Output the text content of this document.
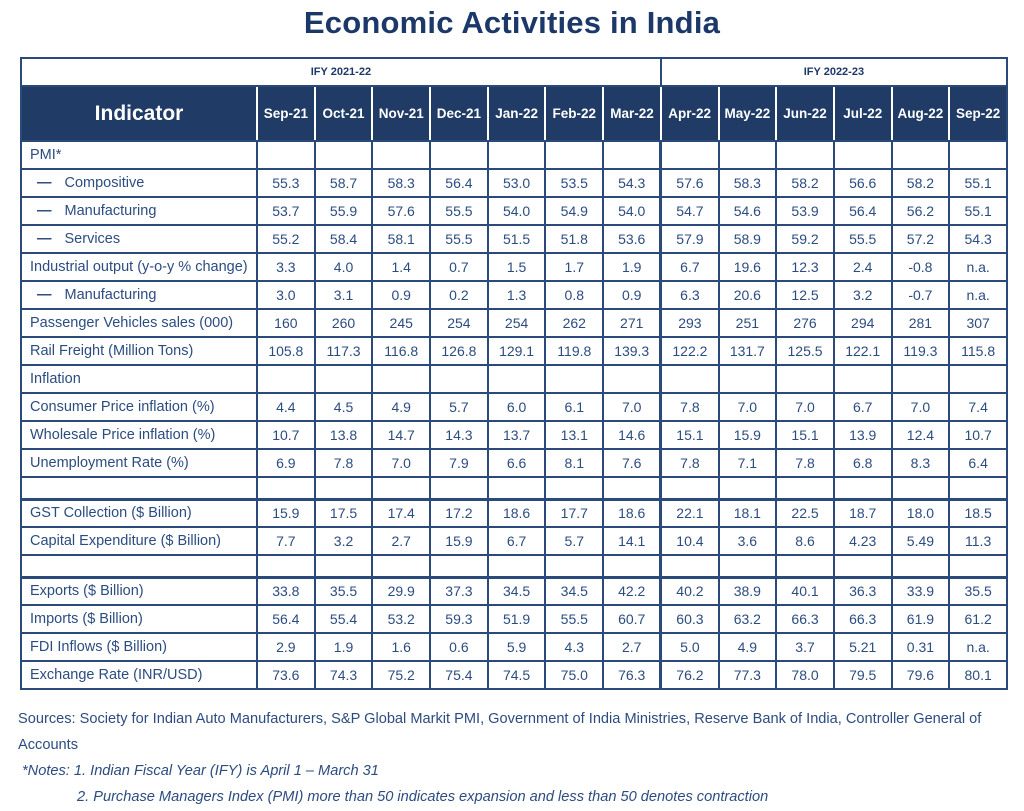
Economic Activities in India
IFY 2021-22								IFY 2022-23					
Indicator	Sep-21	Oct-21	Nov-21	Dec-21	Jan-22	Feb-22	Mar-22	Apr-22	May-22	Jun-22	Jul-22	Aug-22	Sep-22
PMI*													
— Compositive	55.3	58.7	58.3	56.4	53.0	53.5	54.3	57.6	58.3	58.2	56.6	58.2	55.1
— Manufacturing	53.7	55.9	57.6	55.5	54.0	54.9	54.0	54.7	54.6	53.9	56.4	56.2	55.1
— Services	55.2	58.4	58.1	55.5	51.5	51.8	53.6	57.9	58.9	59.2	55.5	57.2	54.3
Industrial output (y-o-y % change)	3.3	4.0	1.4	0.7	1.5	1.7	1.9	6.7	19.6	12.3	2.4	-0.8	n.a.
— Manufacturing	3.0	3.1	0.9	0.2	1.3	0.8	0.9	6.3	20.6	12.5	3.2	-0.7	n.a.
Passenger Vehicles sales (000)	160	260	245	254	254	262	271	293	251	276	294	281	307
Rail Freight (Million Tons)	105.8	117.3	116.8	126.8	129.1	119.8	139.3	122.2	131.7	125.5	122.1	119.3	115.8
Inflation													
Consumer Price inflation (%)	4.4	4.5	4.9	5.7	6.0	6.1	7.0	7.8	7.0	7.0	6.7	7.0	7.4
Wholesale Price inflation (%)	10.7	13.8	14.7	14.3	13.7	13.1	14.6	15.1	15.9	15.1	13.9	12.4	10.7
Unemployment Rate (%)	6.9	7.8	7.0	7.9	6.6	8.1	7.6	7.8	7.1	7.8	6.8	8.3	6.4

GST Collection ($ Billion)	15.9	17.5	17.4	17.2	18.6	17.7	18.6	22.1	18.1	22.5	18.7	18.0	18.5
Capital Expenditure ($ Billion)	7.7	3.2	2.7	15.9	6.7	5.7	14.1	10.4	3.6	8.6	4.23	5.49	11.3

Exports ($ Billion)	33.8	35.5	29.9	37.3	34.5	34.5	42.2	40.2	38.9	40.1	36.3	33.9	35.5
Imports ($ Billion)	56.4	55.4	53.2	59.3	51.9	55.5	60.7	60.3	63.2	66.3	66.3	61.9	61.2
FDI Inflows ($ Billion)	2.9	1.9	1.6	0.6	5.9	4.3	2.7	5.0	4.9	3.7	5.21	0.31	n.a.
Exchange Rate (INR/USD)	73.6	74.3	75.2	75.4	74.5	75.0	76.3	76.2	77.3	78.0	79.5	79.6	80.1

Sources: Society for Indian Auto Manufacturers, S&P Global Markit PMI, Government of India Ministries, Reserve Bank of India, Controller General of Accounts

*Notes: 1. Indian Fiscal Year (IFY) is April 1 – March 31

2. Purchase Managers Index (PMI) more than 50 indicates expansion and less than 50 denotes contraction
